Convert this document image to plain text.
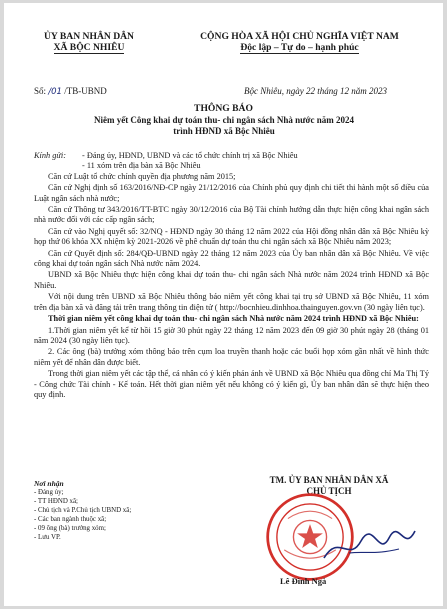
ỦY BAN NHÂN DÂN
XÃ BỘC NHIÊU
CỘNG HÒA XÃ HỘI CHỦ NGHĨA VIỆT NAM
Độc lập – Tự do – hạnh phúc
Số: /01 /TB-UBND	Bộc Nhiêu, ngày 22 tháng 12 năm 2023
THÔNG BÁO
Niêm yết Công khai dự toán thu- chi ngân sách Nhà nước năm 2024
trình HĐND xã Bộc Nhiêu
Kính gửi:	- Đảng ủy, HĐND, UBND và các tổ chức chính trị xã Bộc Nhiêu
- 11 xóm trên địa bàn xã Bộc Nhiêu

Căn cứ Luật tổ chức chính quyền địa phương năm 2015;

Căn cứ Nghị định số 163/2016/NĐ-CP ngày 21/12/2016 của Chính phủ quy định chi tiết thi hành một số điều của Luật ngân sách nhà nước;

Căn cứ Thông tư 343/2016/TT-BTC ngày 30/12/2016 của Bộ Tài chính hướng dẫn thực hiện công khai ngân sách nhà nước đối với các cấp ngân sách;

Căn cứ vào Nghị quyết số: 32/NQ - HĐND ngày 30 tháng 12 năm 2022 của Hội đồng nhân dân xã Bộc Nhiêu kỳ họp thứ 06 khóa XX nhiệm kỳ 2021-2026 về phê chuẩn dự toán thu chi ngân sách xã Bộc Nhiêu năm 2023;

Căn cứ Quyết định số: 284/QĐ-UBND ngày 22 tháng 12 năm 2023 của Ủy ban nhân dân xã Bộc Nhiêu. Về việc công khai dự toán ngân sách Nhà nước năm 2024.

UBND xã Bộc Nhiêu thực hiện công khai dự toán thu- chi ngân sách Nhà nước năm 2024 trình HĐND xã Bộc Nhiêu.

Với nội dung trên UBND xã Bộc Nhiêu thông báo niêm yết công khai tại trụ sở UBND xã Bộc Nhiêu, 11 xóm trên địa bàn xã và đăng tải trên trang thông tin điện tử ( http://bocnhieu.dinhhoa.thainguyen.gov.vn (30 ngày liên tục).

Thời gian niêm yết công khai dự toán thu- chi ngân sách Nhà nước năm 2024 trình HĐND xã Bộc Nhiêu:

1.Thời gian niêm yết kể từ hồi 15 giờ 30 phút ngày 22 tháng 12 năm 2023 đến 09 giờ 30 phút ngày 28 (tháng 01 năm 2024 (30 ngày liên tục).

2. Các ông (bà) trưởng xóm thông báo trên cụm loa truyền thanh hoặc các buổi họp xóm gần nhất về hình thức niêm yết để nhân dân được biết.

Trong thời gian niêm yết các tập thể, cá nhân có ý kiến phản ánh về UBND xã Bộc Nhiêu qua đồng chí Ma Thị Tý - Công chức Tài chính - Kế toán. Hết thời gian niêm yết nếu không có ý kiến gì, Ủy ban nhân dân sẽ thực hiện theo quy định.

Nơi nhận
- Đảng ủy;
- TT HĐND xã;
- Chủ tịch và P.Chủ tịch UBND xã;
- Các ban ngành thuộc xã;
- 09 ông (bà) trưởng xóm;
- Lưu VP.
TM. ỦY BAN NHÂN DÂN XÃ
CHỦ TỊCH
Lê Đình Ngà
